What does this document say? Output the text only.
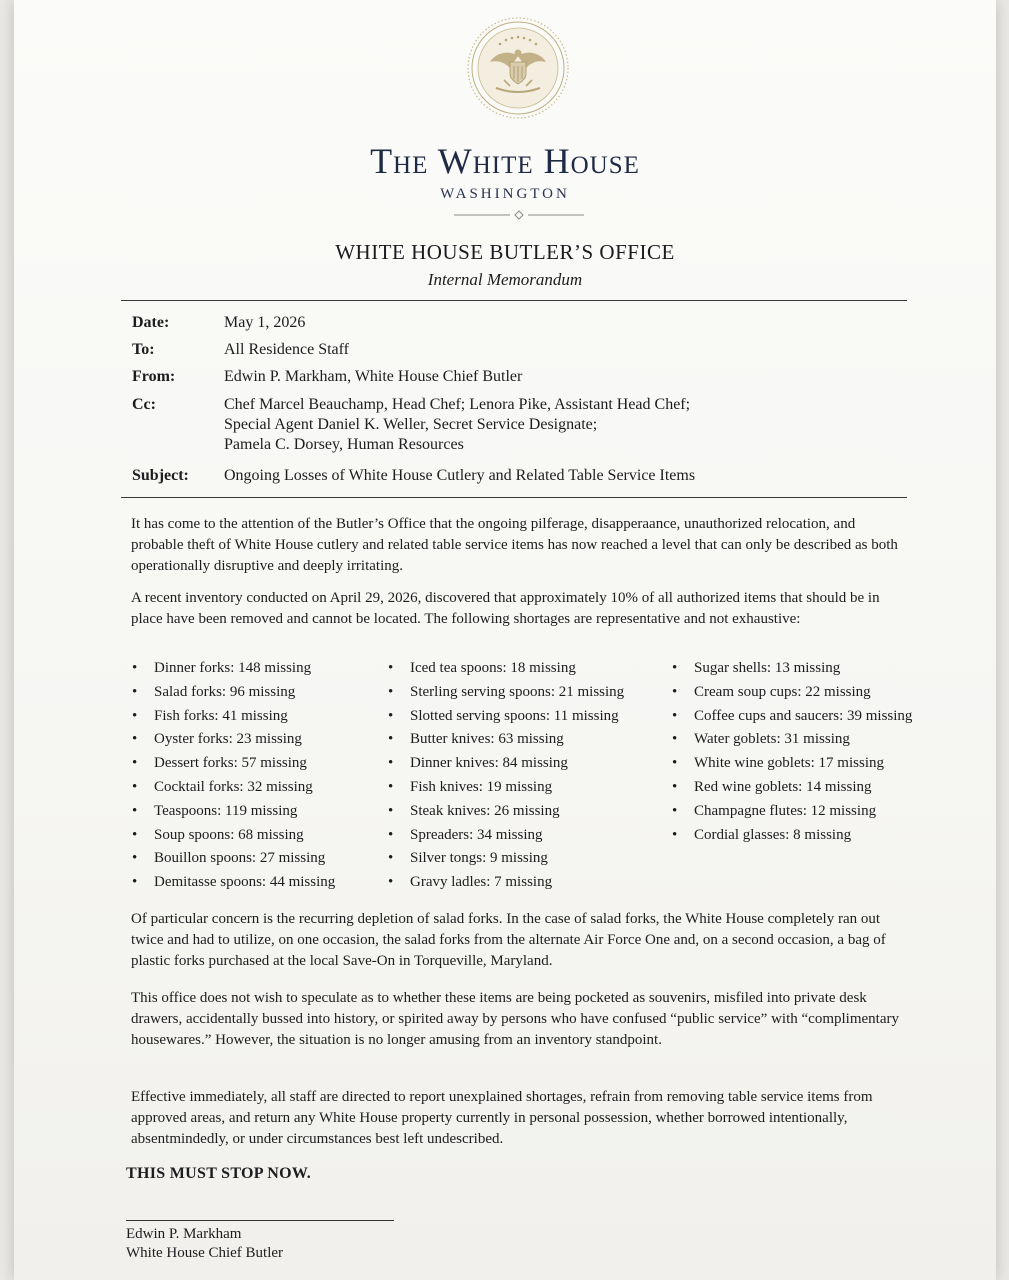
The White House
WASHINGTON
WHITE HOUSE BUTLER’S OFFICE
Internal Memorandum
Date:	May 1, 2026
To:	All Residence Staff
From:	Edwin P. Markham, White House Chief Butler
Cc:	Chef Marcel Beauchamp, Head Chef; Lenora Pike, Assistant Head Chef;
Special Agent Daniel K. Weller, Secret Service Designate;
Pamela C. Dorsey, Human Resources
Subject: Ongoing Losses of White House Cutlery and Related Table Service Items

It has come to the attention of the Butler’s Office that the ongoing pilferage, disapperaance, unauthorized relocation, and probable theft of White House cutlery and related table service items has now reached a level that can only be described as both operationally disruptive and deeply irritating.

A recent inventory conducted on April 29, 2026, discovered that approximately 10% of all authorized items that should be in place have been removed and cannot be located. The following shortages are representative and not exhaustive:

• Dinner forks: 148 missing
• Salad forks: 96 missing
• Fish forks: 41 missing
• Oyster forks: 23 missing
• Dessert forks: 57 missing
• Cocktail forks: 32 missing
• Teaspoons: 119 missing
• Soup spoons: 68 missing
• Bouillon spoons: 27 missing
• Demitasse spoons: 44 missing
• Iced tea spoons: 18 missing
• Sterling serving spoons: 21 missing
• Slotted serving spoons: 11 missing
• Butter knives: 63 missing
• Dinner knives: 84 missing
• Fish knives: 19 missing
• Steak knives: 26 missing
• Spreaders: 34 missing
• Silver tongs: 9 missing
• Gravy ladles: 7 missing
• Sugar shells: 13 missing
• Cream soup cups: 22 missing
• Coffee cups and saucers: 39 missing
• Water goblets: 31 missing
• White wine goblets: 17 missing
• Red wine goblets: 14 missing
• Champagne flutes: 12 missing
• Cordial glasses: 8 missing

Of particular concern is the recurring depletion of salad forks. In the case of salad forks, the White House completely ran out twice and had to utilize, on one occasion, the salad forks from the alternate Air Force One and, on a second occasion, a bag of plastic forks purchased at the local Save-On in Torqueville, Maryland.

This office does not wish to speculate as to whether these items are being pocketed as souvenirs, misfiled into private desk drawers, accidentally bussed into history, or spirited away by persons who have confused “public service” with “complimentary housewares.” However, the situation is no longer amusing from an inventory standpoint.

Effective immediately, all staff are directed to report unexplained shortages, refrain from removing table service items from approved areas, and return any White House property currently in personal possession, whether borrowed intentionally, absentmindedly, or under circumstances best left undescribed.

THIS MUST STOP NOW.
Edwin P. Markham
White House Chief Butler
